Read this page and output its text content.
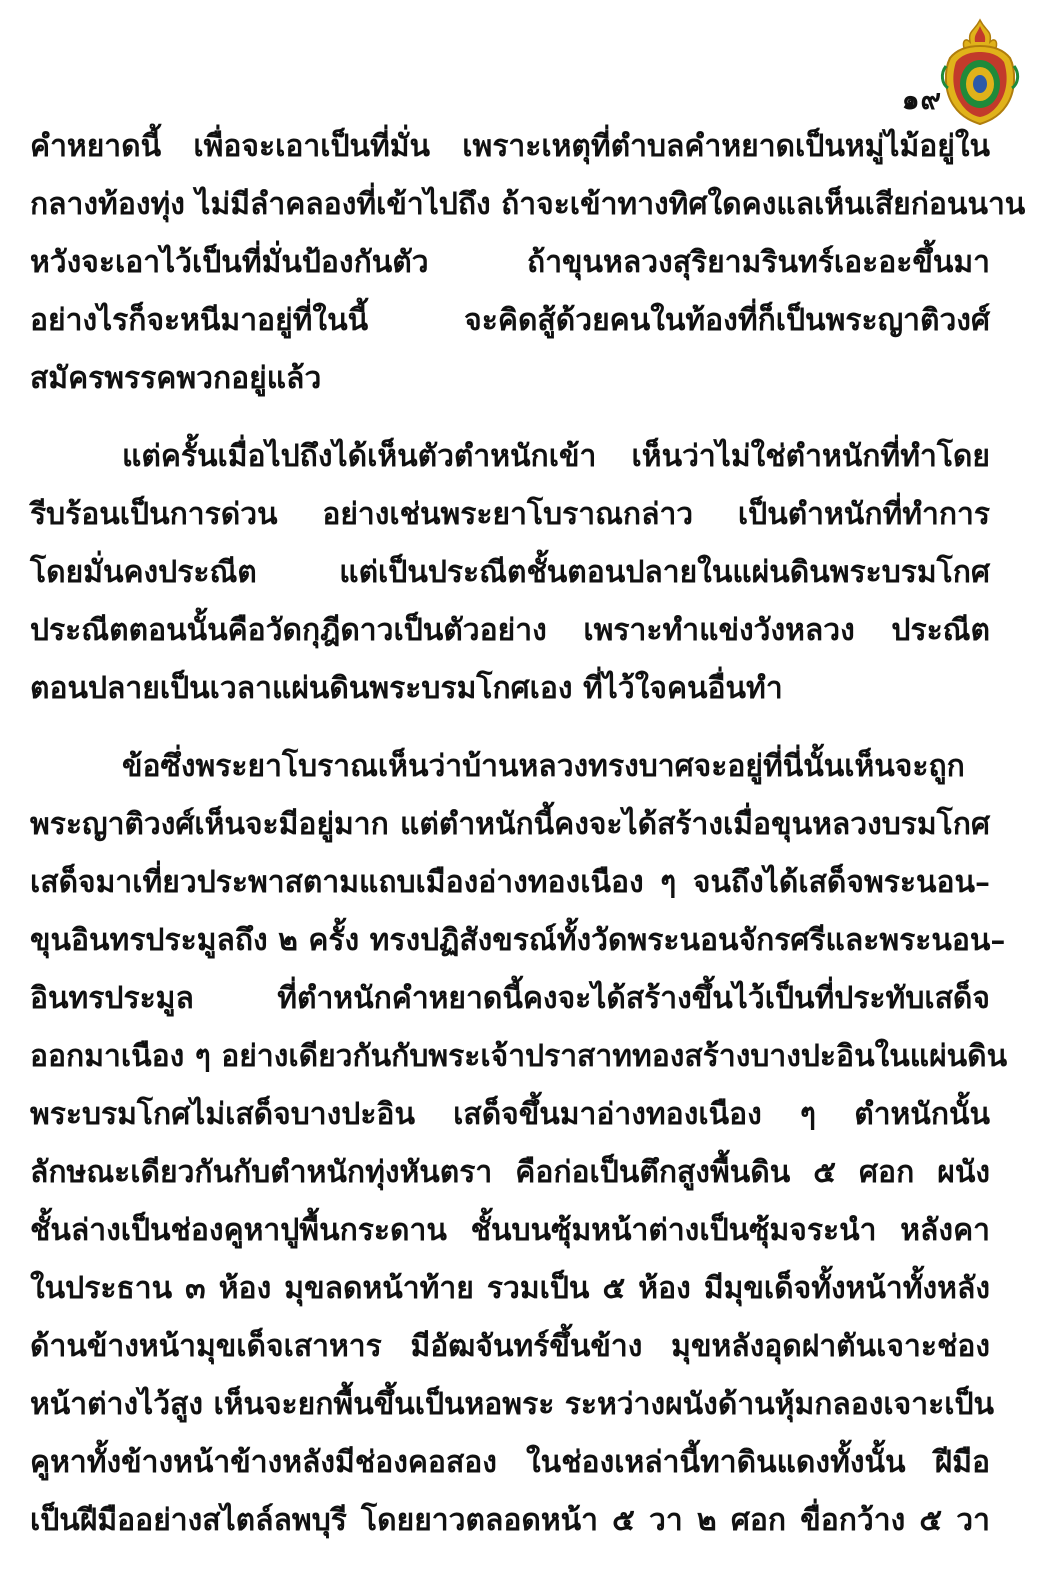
๑๙
คำหยาดนี้ เพื่อจะเอาเป็นที่มั่น เพราะเหตุที่ตำบลคำหยาดเป็นหมู่ไม้อยู่ใน
กลางท้องทุ่ง ไม่มีลำคลองที่เข้าไปถึง ถ้าจะเข้าทางทิศใดคงแลเห็นเสียก่อนนาน
หวังจะเอาไว้เป็นที่มั่นป้องกันตัว ถ้าขุนหลวงสุริยามรินทร์เอะอะขึ้นมา
อย่างไรก็จะหนีมาอยู่ที่ในนี้ จะคิดสู้ด้วยคนในท้องที่ก็เป็นพระญาติวงศ์
สมัครพรรคพวกอยู่แล้ว
แต่ครั้นเมื่อไปถึงได้เห็นตัวตำหนักเข้า เห็นว่าไม่ใช่ตำหนักที่ทำโดย
รีบร้อนเป็นการด่วน อย่างเช่นพระยาโบราณกล่าว เป็นตำหนักที่ทำการ
โดยมั่นคงประณีต แต่เป็นประณีตชั้นตอนปลายในแผ่นดินพระบรมโกศ
ประณีตตอนนั้นคือวัดกุฎีดาวเป็นตัวอย่าง เพราะทำแข่งวังหลวง ประณีต
ตอนปลายเป็นเวลาแผ่นดินพระบรมโกศเอง ที่ไว้ใจคนอื่นทำ
ข้อซึ่งพระยาโบราณเห็นว่าบ้านหลวงทรงบาศจะอยู่ที่นี่นั้นเห็นจะถูก
พระญาติวงศ์เห็นจะมีอยู่มาก แต่ตำหนักนี้คงจะได้สร้างเมื่อขุนหลวงบรมโกศ
เสด็จมาเที่ยวประพาสตามแถบเมืองอ่างทองเนือง ๆ จนถึงได้เสด็จพระนอน–
ขุนอินทรประมูลถึง ๒ ครั้ง ทรงปฏิสังขรณ์ทั้งวัดพระนอนจักรศรีและพระนอน–
อินทรประมูล ที่ตำหนักคำหยาดนี้คงจะได้สร้างขึ้นไว้เป็นที่ประทับเสด็จ
ออกมาเนือง ๆ อย่างเดียวกันกับพระเจ้าปราสาททองสร้างบางปะอินในแผ่นดิน
พระบรมโกศไม่เสด็จบางปะอิน เสด็จขึ้นมาอ่างทองเนือง ๆ ตำหนักนั้น
ลักษณะเดียวกันกับตำหนักทุ่งหันตรา คือก่อเป็นตึกสูงพื้นดิน ๕ ศอก ผนัง
ชั้นล่างเป็นช่องคูหาปูพื้นกระดาน ชั้นบนซุ้มหน้าต่างเป็นซุ้มจระนำ หลังคา
ในประธาน ๓ ห้อง มุขลดหน้าท้าย รวมเป็น ๕ ห้อง มีมุขเด็จทั้งหน้าทั้งหลัง
ด้านข้างหน้ามุขเด็จเสาหาร มีอัฒจันทร์ขึ้นข้าง มุขหลังอุดฝาตันเจาะช่อง
หน้าต่างไว้สูง เห็นจะยกพื้นขึ้นเป็นหอพระ ระหว่างผนังด้านหุ้มกลองเจาะเป็น
คูหาทั้งข้างหน้าข้างหลังมีช่องคอสอง ในช่องเหล่านี้ทาดินแดงทั้งนั้น ฝีมือ
เป็นฝีมืออย่างสไตล์ลพบุรี โดยยาวตลอดหน้า ๕ วา ๒ ศอก ขื่อกว้าง ๕ วา
